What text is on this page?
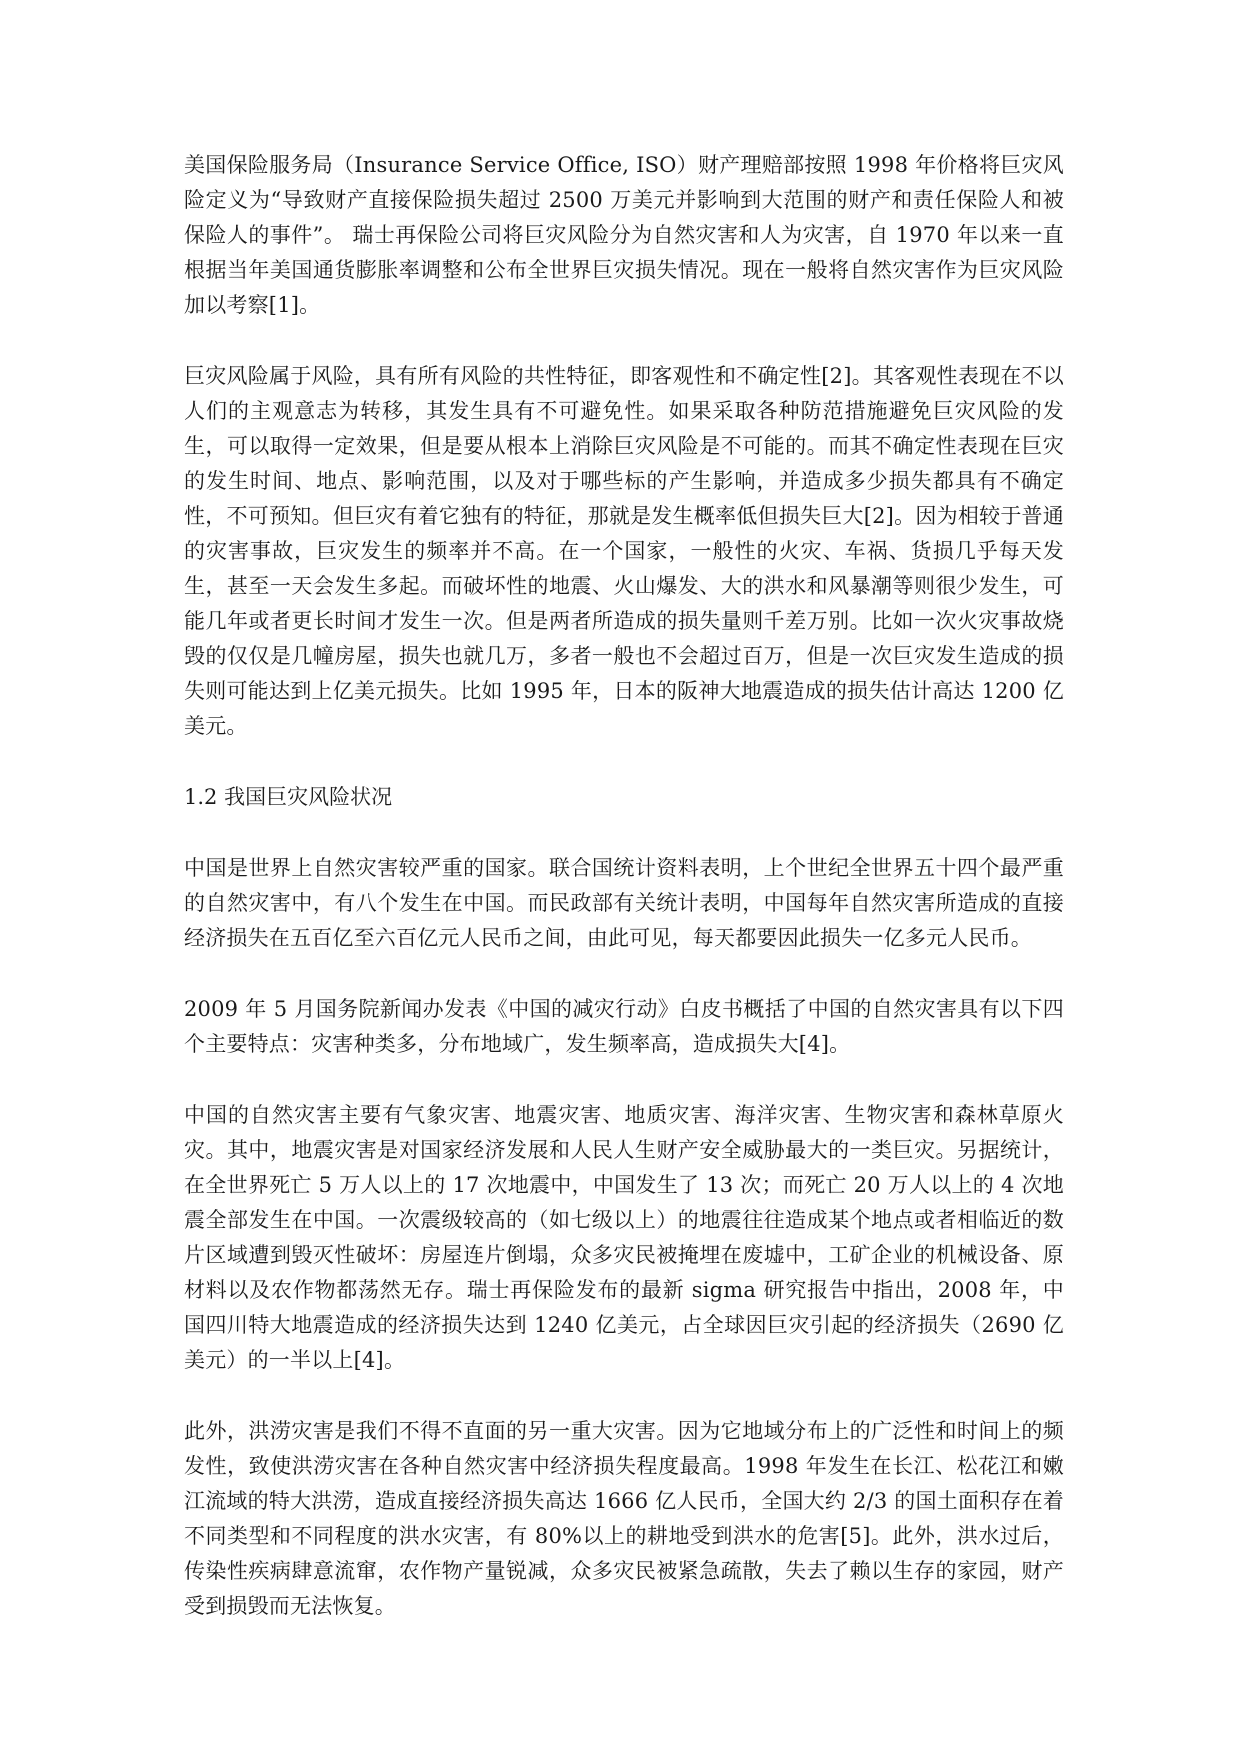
美国保险服务局（Insurance Service Office, ISO）财产理赔部按照 1998 年价格将巨灾风险定义为“导致财产直接保险损失超过 2500 万美元并影响到大范围的财产和责任保险人和被保险人的事件”。 瑞士再保险公司将巨灾风险分为自然灾害和人为灾害，自 1970 年以来一直根据当年美国通货膨胀率调整和公布全世界巨灾损失情况。现在一般将自然灾害作为巨灾风险加以考察[1]。

巨灾风险属于风险，具有所有风险的共性特征，即客观性和不确定性[2]。其客观性表现在不以人们的主观意志为转移，其发生具有不可避免性。如果采取各种防范措施避免巨灾风险的发生，可以取得一定效果，但是要从根本上消除巨灾风险是不可能的。而其不确定性表现在巨灾的发生时间、地点、影响范围，以及对于哪些标的产生影响，并造成多少损失都具有不确定性，不可预知。但巨灾有着它独有的特征，那就是发生概率低但损失巨大[2]。因为相较于普通的灾害事故，巨灾发生的频率并不高。在一个国家，一般性的火灾、车祸、货损几乎每天发生，甚至一天会发生多起。而破坏性的地震、火山爆发、大的洪水和风暴潮等则很少发生，可能几年或者更长时间才发生一次。但是两者所造成的损失量则千差万别。比如一次火灾事故烧毁的仅仅是几幢房屋，损失也就几万，多者一般也不会超过百万，但是一次巨灾发生造成的损失则可能达到上亿美元损失。比如 1995 年，日本的阪神大地震造成的损失估计高达 1200 亿美元。

1.2 我国巨灾风险状况

中国是世界上自然灾害较严重的国家。联合国统计资料表明，上个世纪全世界五十四个最严重的自然灾害中，有八个发生在中国。而民政部有关统计表明，中国每年自然灾害所造成的直接经济损失在五百亿至六百亿元人民币之间，由此可见，每天都要因此损失一亿多元人民币。

2009 年 5 月国务院新闻办发表《中国的减灾行动》白皮书概括了中国的自然灾害具有以下四个主要特点：灾害种类多，分布地域广，发生频率高，造成损失大[4]。

中国的自然灾害主要有气象灾害、地震灾害、地质灾害、海洋灾害、生物灾害和森林草原火灾。其中，地震灾害是对国家经济发展和人民人生财产安全威胁最大的一类巨灾。另据统计，在全世界死亡 5 万人以上的 17 次地震中，中国发生了 13 次；而死亡 20 万人以上的 4 次地震全部发生在中国。一次震级较高的（如七级以上）的地震往往造成某个地点或者相临近的数片区域遭到毁灭性破坏：房屋连片倒塌，众多灾民被掩埋在废墟中，工矿企业的机械设备、原材料以及农作物都荡然无存。瑞士再保险发布的最新 sigma 研究报告中指出，2008 年，中国四川特大地震造成的经济损失达到 1240 亿美元，占全球因巨灾引起的经济损失（2690 亿美元）的一半以上[4]。

此外，洪涝灾害是我们不得不直面的另一重大灾害。因为它地域分布上的广泛性和时间上的频发性，致使洪涝灾害在各种自然灾害中经济损失程度最高。1998 年发生在长江、松花江和嫩江流域的特大洪涝，造成直接经济损失高达 1666 亿人民币，全国大约 2/3 的国土面积存在着不同类型和不同程度的洪水灾害，有 80%以上的耕地受到洪水的危害[5]。此外，洪水过后，传染性疾病肆意流窜，农作物产量锐减，众多灾民被紧急疏散，失去了赖以生存的家园，财产受到损毁而无法恢复。
